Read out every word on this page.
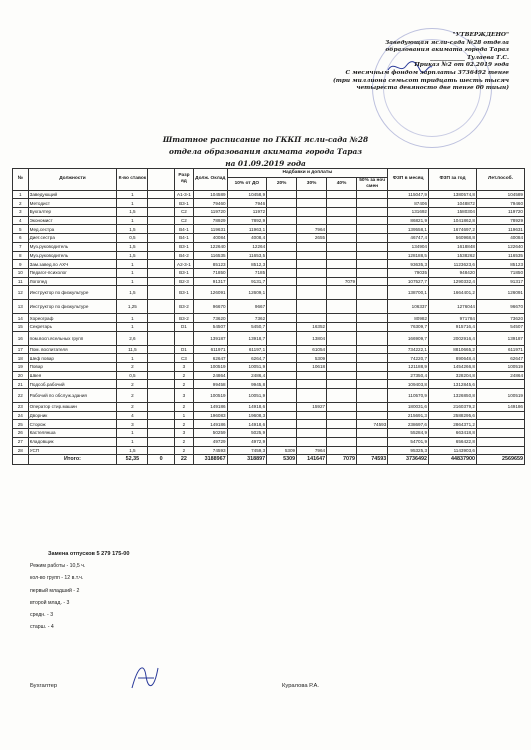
"УТВЕРЖДЕНО"
Заведующая ясли-сада №28 отдела
образования акимата города Тараз
____________ Тулаева Т.С.
Приказ №2 от 02.2019 года
С месячным фондом зарплаты 3736492 тенге
(три миллиона семьсот тридцать шесть тысяч
четыреста девяносто две тенге 00 тиын)
Штатное расписание по ГККП ясли-сада №28
отдела образования акимата города Тараз
на 01.09.2019 года
№	Должности	К-во ставок		Разр яд	Долж. Оклад	Надбавки и доплаты					ФЗП в месяц	ФЗП за год	Лет.пособ.
						10% от ДО	20%	30%	40%	50% за ноч смен			
1	Заведующий	1		А1-3-1	104589	10458,9					115047,9	1380574,8	104589
2	Методист	1		В3-1	79460	7946					87406	1048872	79460
3	Бухгалтер	1,5		С2	119720	11972					131692	1580304	119720
4	Экономист	1		С2	78929	7892,9					86821,9	1041862,8	78929
5	Мед.сестра	1,5		В4-1	119631	11963,1		7964			139558,1	1674697,2	119631
6	Диет.сестра	0,5		В4-1	40084	4008,4		2655			46747,4	560968,8	40084
7	Муз.руководитель	1,5		В3-1	122640	12264					134904	1618848	122640
8	Муз.руководитель	1,5		В4-2	116535	11653,5					128188,5	1538262	116535
9	Зам.завед.по АХЧ	1		А2-3-1	85123	8512,3					93635,3	1123623,6	85123
10	Педагог-психолог	1		В3-1	71850	7185					79035	948420	71850
11	Логопед	1		В2-3	91317	9131,7			7079		107527,7	1290332,4	91317
12	Инструктор по физкультуре	1,5		В3-1	126091	12609,1					138700,1	1664401,2	126091
13	Инструктор по физкультуре	1,25		В3-2	96670	9667					106337	1276044	96670
14	Хореограф	1		В3-2	73620	7362					80982	971784	73620
15	Секретарь	1		D1	54507	5450,7		16352			76309,7	915716,4	54507
16	пом.восп.ясельных групп	2,6			139187	13918,7		13804			166909,7	2002916,4	139187
17	Пом. воспитателя	11,5		D1	611971	61197,1		61054			734222,1	8810665,2	611971
18	Шеф повар	1		С3	62647	6264,7		5309			74220,7	890648,4	62647
19	Повар	2		3	100519	10051,9		10618			121188,9	1454266,8	100519
20	Швея	0,5		2	24864	2486,4					27350,4	328204,8	24864
21	Подсоб.рабочий	2		2	99458	9945,8					109403,8	1312845,6	
22	Рабочий по обслуж.здания	2		3	100519	10051,9					110570,9	1326850,8	100519
23	Оператор стир.машин	2		2	149186	14918,6		15927			180031,6	2160379,2	149186
24	Дворник	4		1	196083	19608,3					215691,3	2588295,6	
25	Сторож	3		2	149186	14918,6				74593	238697,6	2864371,2	
26	Кастелянша	1		3	50259	5025,9					55284,9	663418,8	
27	Кладовщик	1		2	49729	4972,9					54701,9	656422,8	
28	УСП	1,5		2	74593	7459,3	5309	7964			95325,3	1143903,6	
	Итого:	52,35	0	22	3188967	318897	5309	141647	7079	74593	3736492	44837900	2569659
Замена отпусков 5 279 175-00
Режим работы - 10,5 ч.
кол-во групп - 12 в.т.ч.
первый младший - 2
второй млад. - 3
средн. - 3
старш. - 4
Бухгалтер	Куралова Р.А.
